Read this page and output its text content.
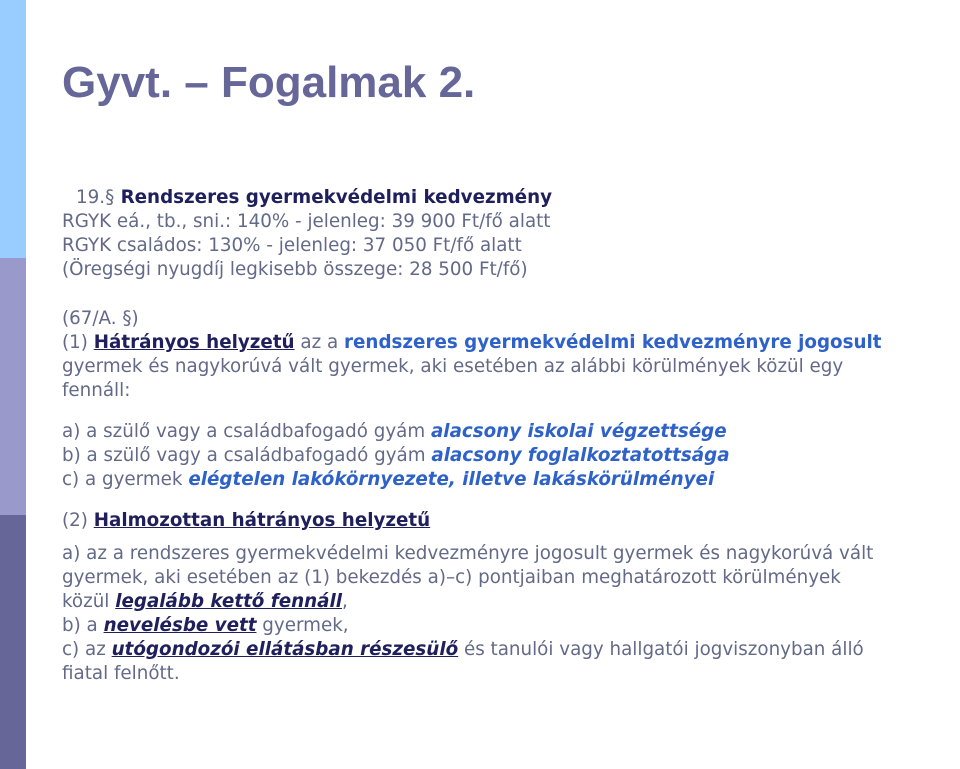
Gyvt. – Fogalmak 2.
19.§ Rendszeres gyermekvédelmi kedvezmény
RGYK eá., tb., sni.: 140% - jelenleg: 39 900 Ft/fő alatt
RGYK családos: 130% - jelenleg: 37 050 Ft/fő alatt
(Öregségi nyugdíj legkisebb összege: 28 500 Ft/fő)
(67/A. §)
(1) Hátrányos helyzetű az a rendszeres gyermekvédelmi kedvezményre jogosult
gyermek és nagykorúvá vált gyermek, aki esetében az alábbi körülmények közül egy
fennáll:
a) a szülő vagy a családbafogadó gyám alacsony iskolai végzettsége
b) a szülő vagy a családbafogadó gyám alacsony foglalkoztatottsága
c) a gyermek elégtelen lakókörnyezete, illetve lakáskörülményei
(2) Halmozottan hátrányos helyzetű
a) az a rendszeres gyermekvédelmi kedvezményre jogosult gyermek és nagykorúvá vált
gyermek, aki esetében az (1) bekezdés a)–c) pontjaiban meghatározott körülmények
közül legalább kettő fennáll,
b) a nevelésbe vett gyermek,
c) az utógondozói ellátásban részesülő és tanulói vagy hallgatói jogviszonyban álló
fiatal felnőtt.
